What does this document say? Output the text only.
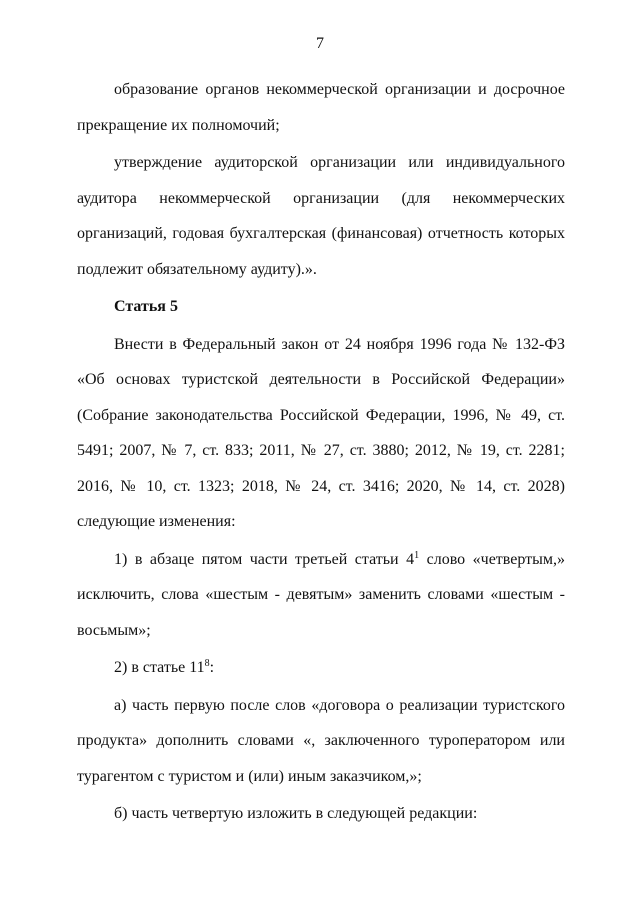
7

образование органов некоммерческой организации и досрочное прекращение их полномочий;

утверждение аудиторской организации или индивидуального аудитора некоммерческой организации (для некоммерческих организаций, годовая бухгалтерская (финансовая) отчетность которых подлежит обязательному аудиту).».

Статья 5

Внести в Федеральный закон от 24 ноября 1996 года № 132-ФЗ «Об основах туристской деятельности в Российской Федерации» (Собрание законодательства Российской Федерации, 1996, № 49, ст. 5491; 2007, № 7, ст. 833; 2011, № 27, ст. 3880; 2012, № 19, ст. 2281; 2016, № 10, ст. 1323; 2018, № 24, ст. 3416; 2020, № 14, ст. 2028) следующие изменения:

1) в абзаце пятом части третьей статьи $4^1$ слово «четвертым,» исключить, слова «шестым - девятым» заменить словами «шестым - восьмым»;

2) в статье $11^8$:

а) часть первую после слов «договора о реализации туристского продукта» дополнить словами «, заключенного туроператором или турагентом с туристом и (или) иным заказчиком,»;

б) часть четвертую изложить в следующей редакции:
